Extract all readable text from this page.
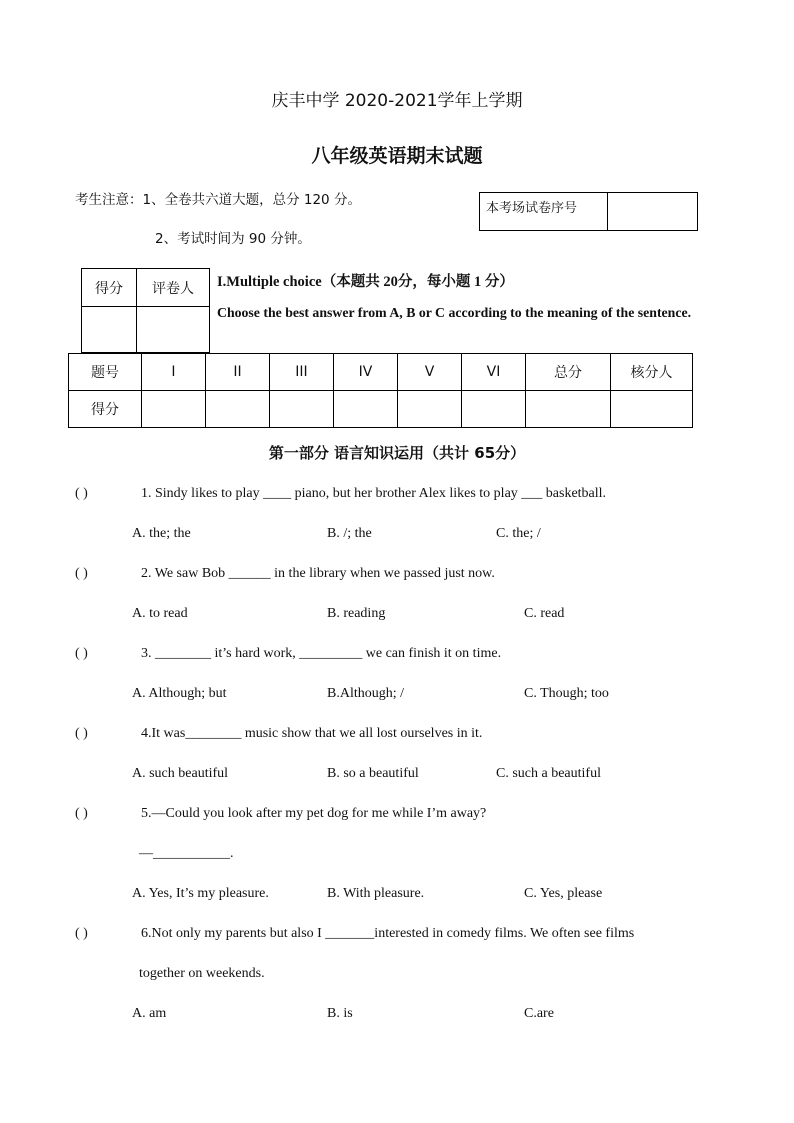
庆丰中学 2020-2021学年上学期
八年级英语期末试题
考生注意：1、全卷共六道大题，总分 120 分。
2、考试时间为 90 分钟。
本考场试卷序号
得分	评卷人
	I.Multiple choice（本题共 20分，每小题 1 分）
Choose the best answer from A, B or C according to the meaning of the sentence.
题号	I	II	III	IV	V	VI	总分	核分人
得分								
第一部分 语言知识运用（共计 65分）
( )	1. Sindy likes to play ____ piano, but her brother Alex likes to play ___ basketball.
A. the; the	B. /; the	C. the; /
( )	2. We saw Bob ______ in the library when we passed just now.
A. to read	B. reading	C. read
( )	3. ________ it’s hard work, _________ we can finish it on time.
A. Although; but	B.Although; /	C. Though; too
( )	4.It was________ music show that we all lost ourselves in it.
A. such beautiful	B. so a beautiful	C. such a beautiful
( )	5.—Could you look after my pet dog for me while I’m away?
—___________.
A. Yes, It’s my pleasure.	B. With pleasure.	C. Yes, please
( )	6.Not only my parents but also I _______interested in comedy films. We often see films
together on weekends.
A. am	B. is	C.are
